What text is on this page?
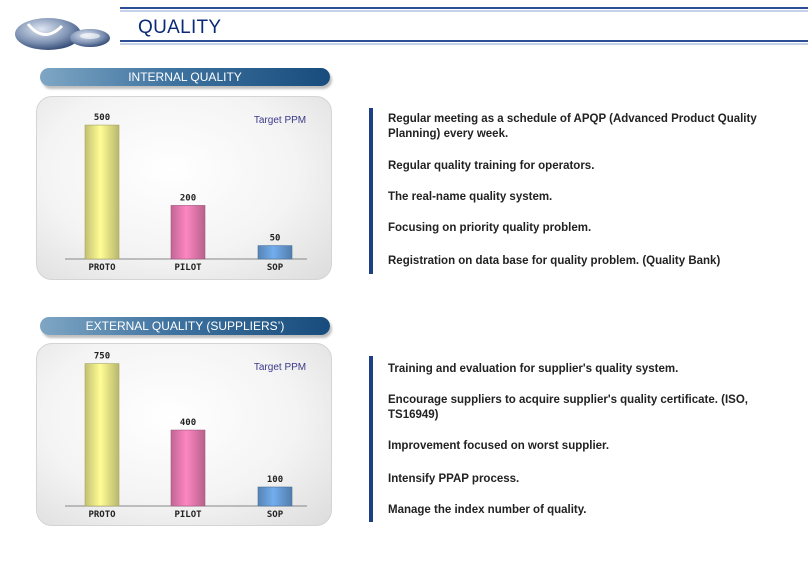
QUALITY
INTERNAL QUALITY
Target PPM
500
PROTO
200
PILOT
50
SOP
Regular meeting as a schedule of APQP (Advanced Product Quality Planning) every week.
Regular quality training for operators.
The real-name quality system.
Focusing on priority quality problem.
Registration on data base for quality problem. (Quality Bank)
EXTERNAL QUALITY (SUPPLIERS’)
Target PPM
750
PROTO
400
PILOT
100
SOP
Training and evaluation for supplier's quality system.
Encourage suppliers to acquire supplier's quality certificate. (ISO, TS16949)
Improvement focused on worst supplier.
Intensify PPAP process.
Manage the index number of quality.
